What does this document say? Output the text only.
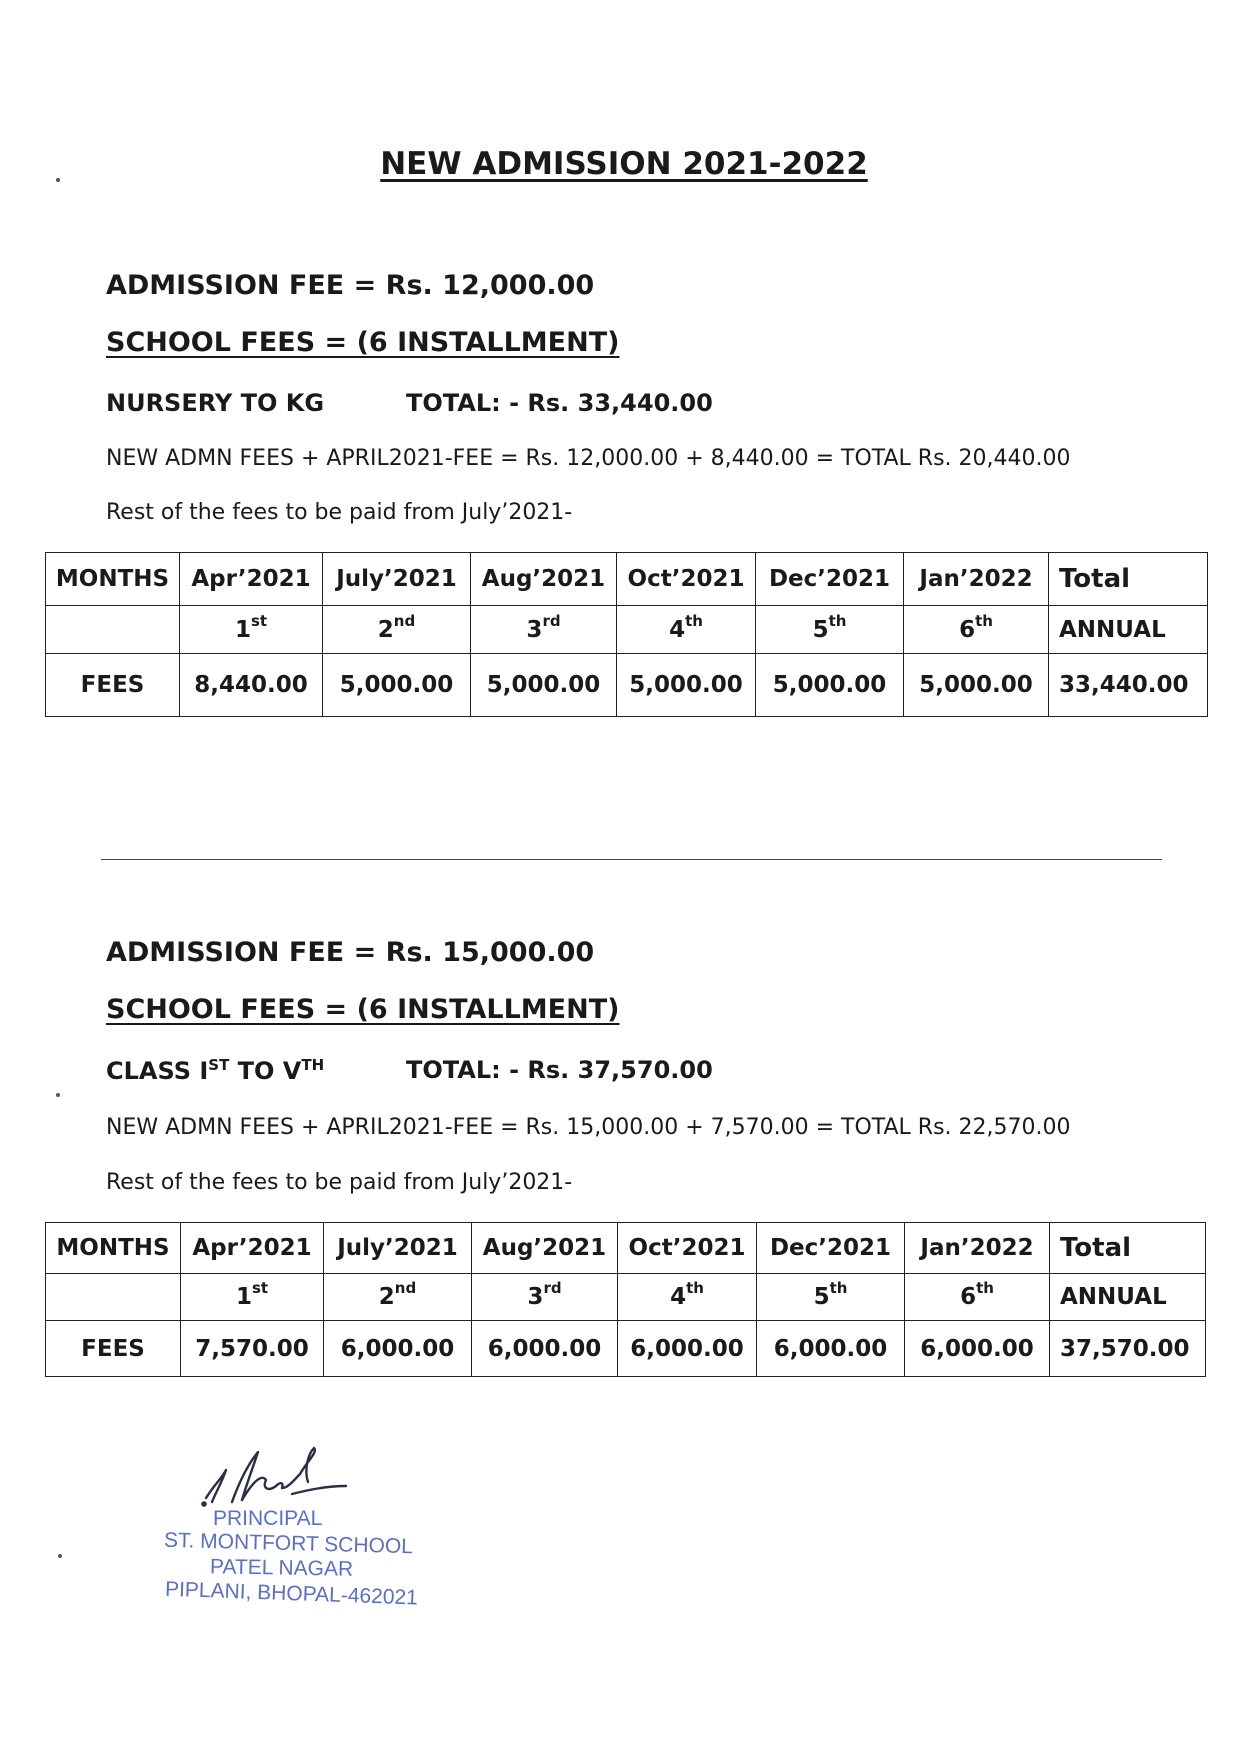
NEW ADMISSION 2021-2022
ADMISSION FEE = Rs. 12,000.00
SCHOOL FEES = (6 INSTALLMENT)
NURSERY TO KG	TOTAL: - Rs. 33,440.00
NEW ADMN FEES + APRIL2021-FEE = Rs. 12,000.00 + 8,440.00 = TOTAL Rs. 20,440.00
Rest of the fees to be paid from July’2021-
MONTHS	Apr’2021	July’2021	Aug’2021	Oct’2021	Dec’2021	Jan’2022	Total
	1st	2nd	3rd	4th	5th	6th	ANNUAL
FEES	8,440.00	5,000.00	5,000.00	5,000.00	5,000.00	5,000.00	33,440.00
ADMISSION FEE = Rs. 15,000.00
SCHOOL FEES = (6 INSTALLMENT)
CLASS IST TO VTH	TOTAL: - Rs. 37,570.00
NEW ADMN FEES + APRIL2021-FEE = Rs. 15,000.00 + 7,570.00 = TOTAL Rs. 22,570.00
Rest of the fees to be paid from July’2021-
MONTHS	Apr’2021	July’2021	Aug’2021	Oct’2021	Dec’2021	Jan’2022	Total
	1st	2nd	3rd	4th	5th	6th	ANNUAL
FEES	7,570.00	6,000.00	6,000.00	6,000.00	6,000.00	6,000.00	37,570.00
PRINCIPAL
ST. MONTFORT SCHOOL
PATEL NAGAR
PIPLANI, BHOPAL-462021
